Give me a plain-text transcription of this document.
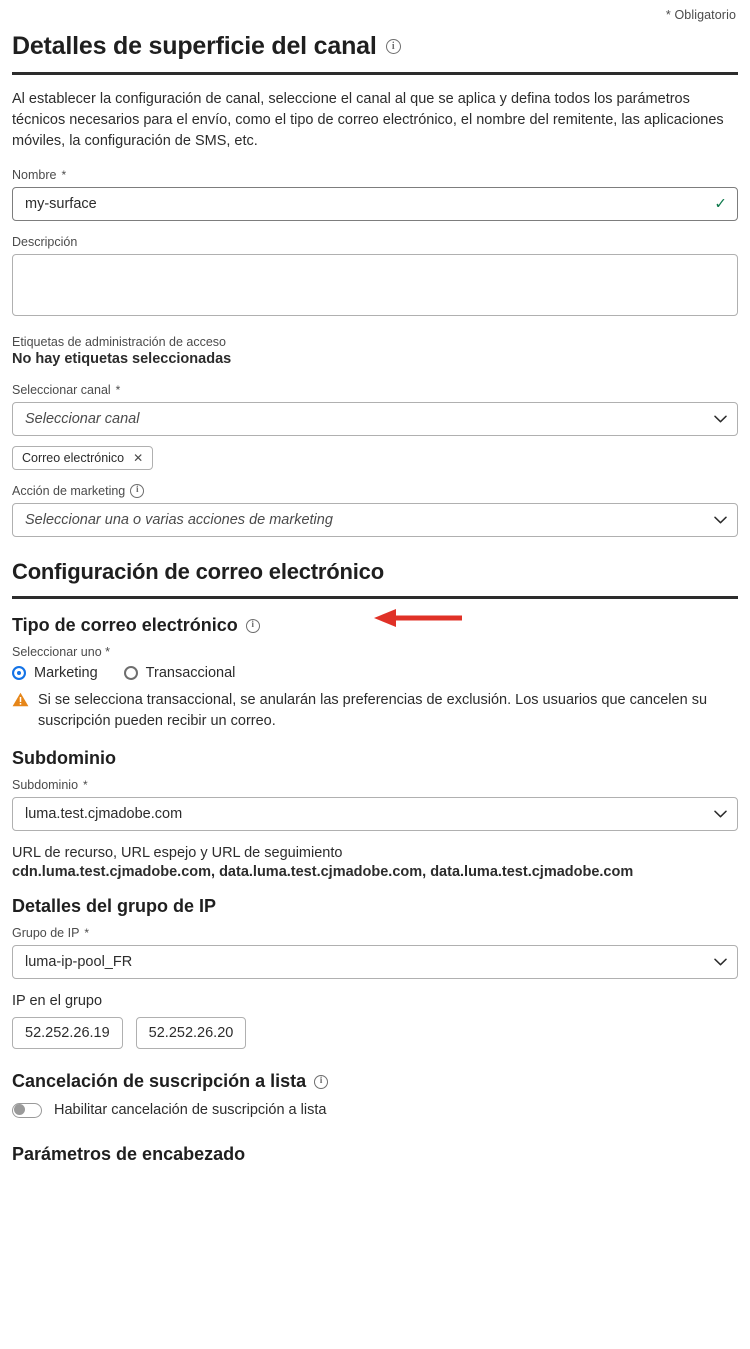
* Obligatorio
Detalles de superficie del canal	i
Al establecer la configuración de canal, seleccione el canal al que se aplica y defina todos los parámetros técnicos necesarios para el envío, como el tipo de correo electrónico, el nombre del remitente, las aplicaciones móviles, la configuración de SMS, etc.
Nombre *
my-surface
✓
Descripción
Etiquetas de administración de acceso
No hay etiquetas seleccionadas
Seleccionar canal *
Seleccionar canal
Correo electrónico ✕
Acción de marketing	i
Seleccionar una o varias acciones de marketing
Configuración de correo electrónico
Tipo de correo electrónico	i
Seleccionar uno *
Marketing	Transaccional
Si se selecciona transaccional, se anularán las preferencias de exclusión. Los usuarios que cancelen su suscripción pueden recibir un correo.
Subdominio
Subdominio *
luma.test.cjmadobe.com
URL de recurso, URL espejo y URL de seguimiento
cdn.luma.test.cjmadobe.com, data.luma.test.cjmadobe.com, data.luma.test.cjmadobe.com
Detalles del grupo de IP
Grupo de IP *
luma-ip-pool_FR
IP en el grupo
52.252.26.19	52.252.26.20
Cancelación de suscripción a lista	i
Habilitar cancelación de suscripción a lista
Parámetros de encabezado
